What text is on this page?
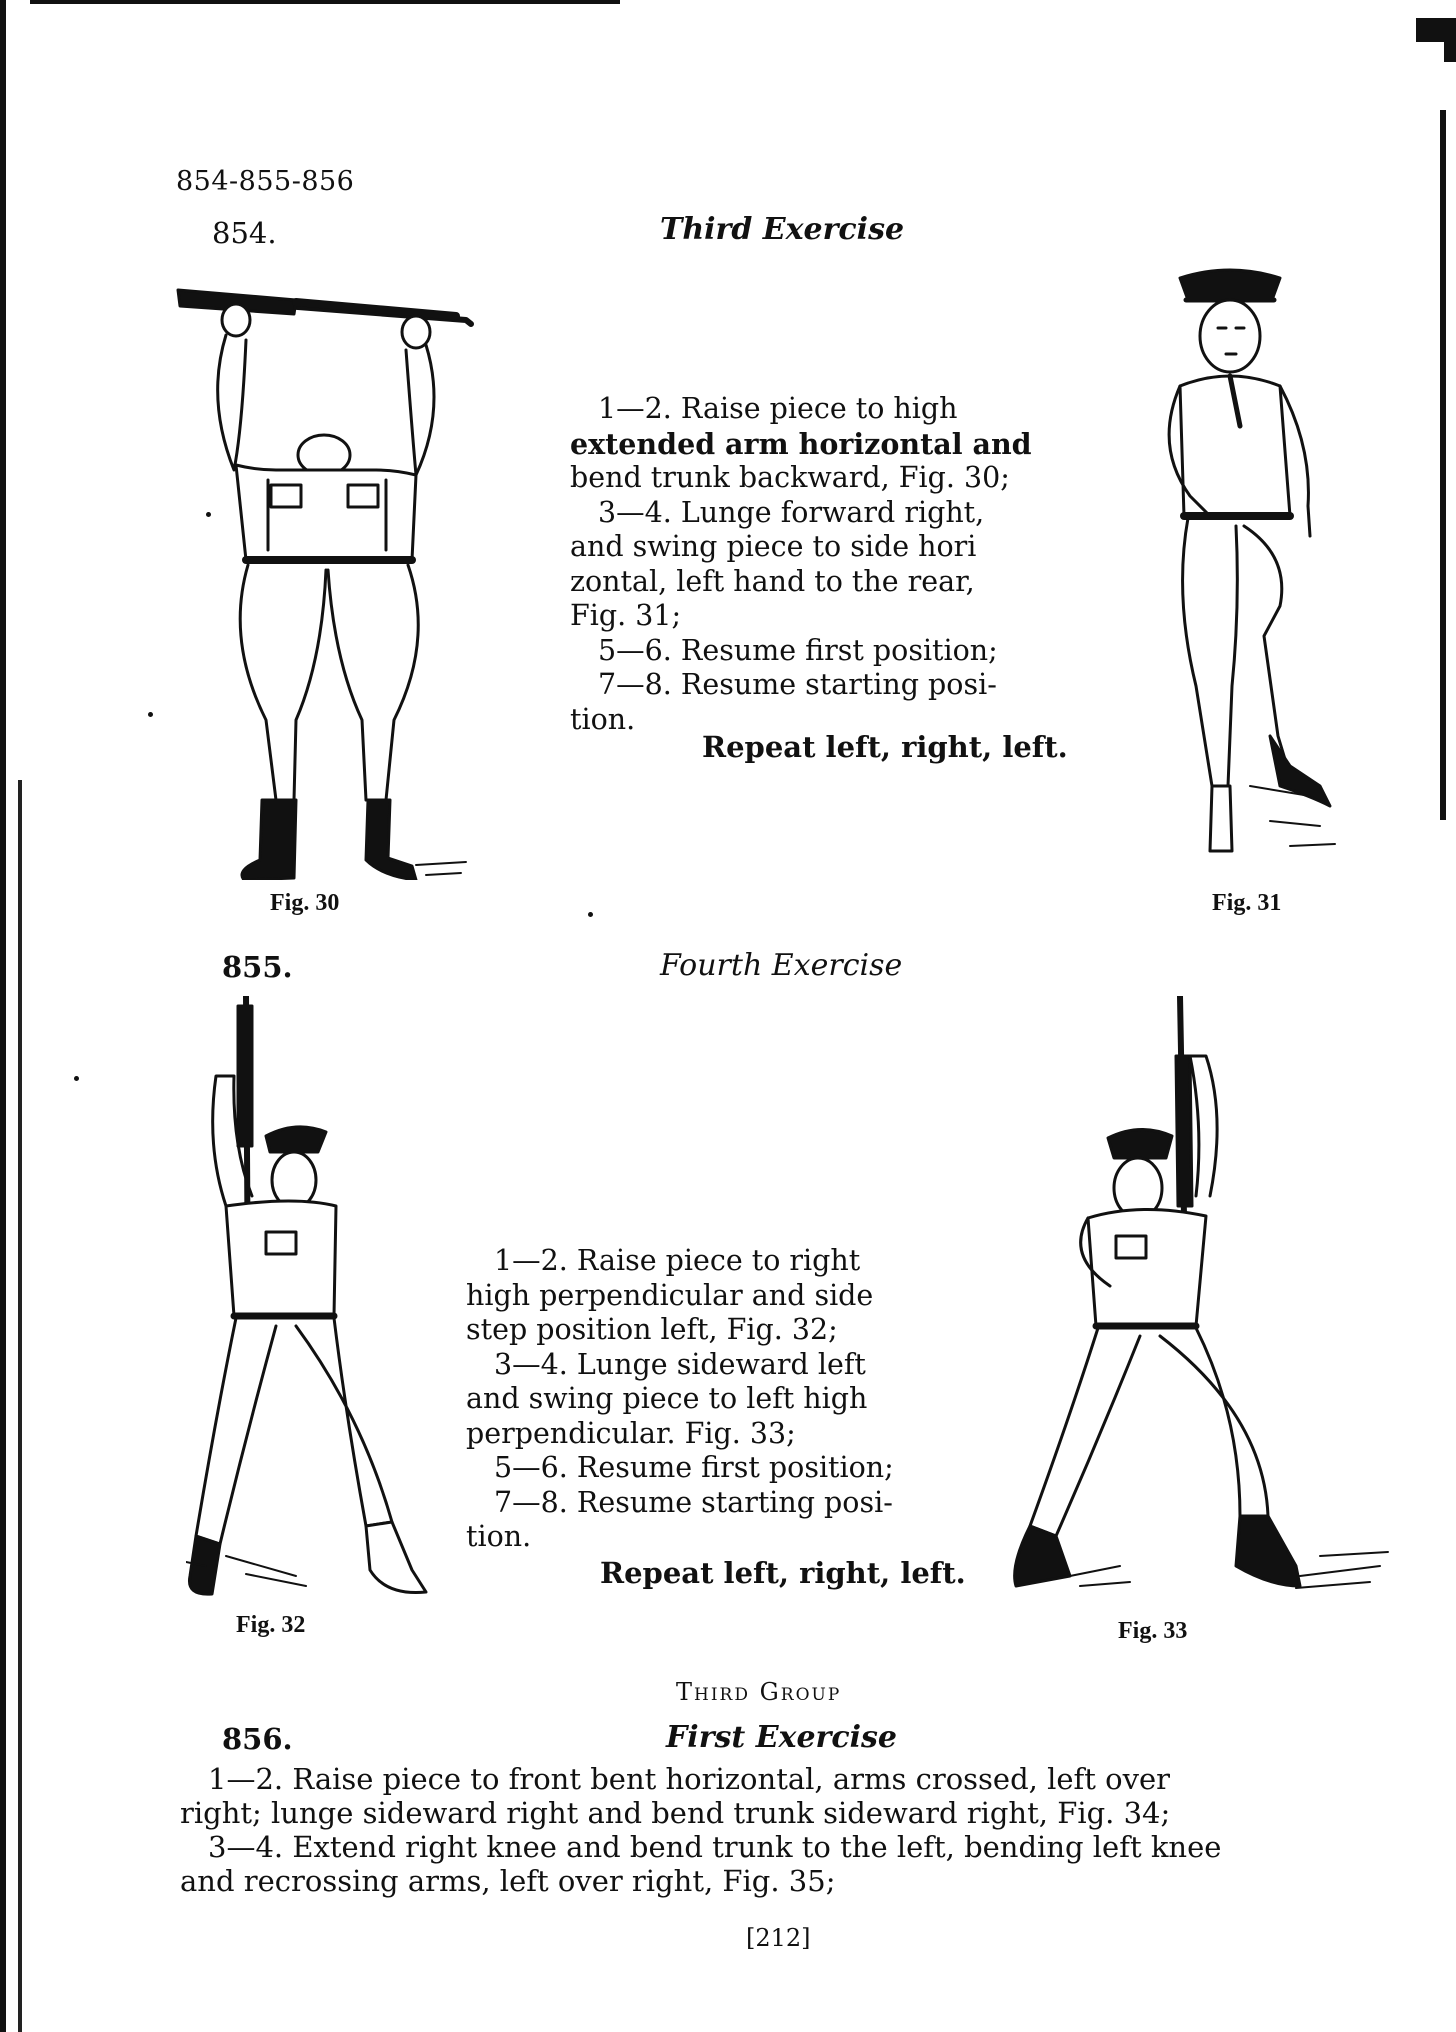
854-855-856
854.	Third Exercise
1—2. Raise piece to high
extended arm horizontal and
bend trunk backward, Fig. 30;
3—4. Lunge forward right,
and swing piece to side hori
zontal, left hand to the rear,
Fig. 31;
5—6. Resume first position;
7—8. Resume starting posi-
tion.
Repeat left, right, left.
Fig. 30	Fig. 31
855.	Fourth Exercise
1—2. Raise piece to right
high perpendicular and side
step position left, Fig. 32;
3—4. Lunge sideward left
and swing piece to left high
perpendicular. Fig. 33;
5—6. Resume first position;
7—8. Resume starting posi-
tion.
Repeat left, right, left.
Fig. 32	Fig. 33
Third Group
856.	First Exercise
1—2. Raise piece to front bent horizontal, arms crossed, left over
right; lunge sideward right and bend trunk sideward right, Fig. 34;
3—4. Extend right knee and bend trunk to the left, bending left knee
and recrossing arms, left over right, Fig. 35;
[212]
